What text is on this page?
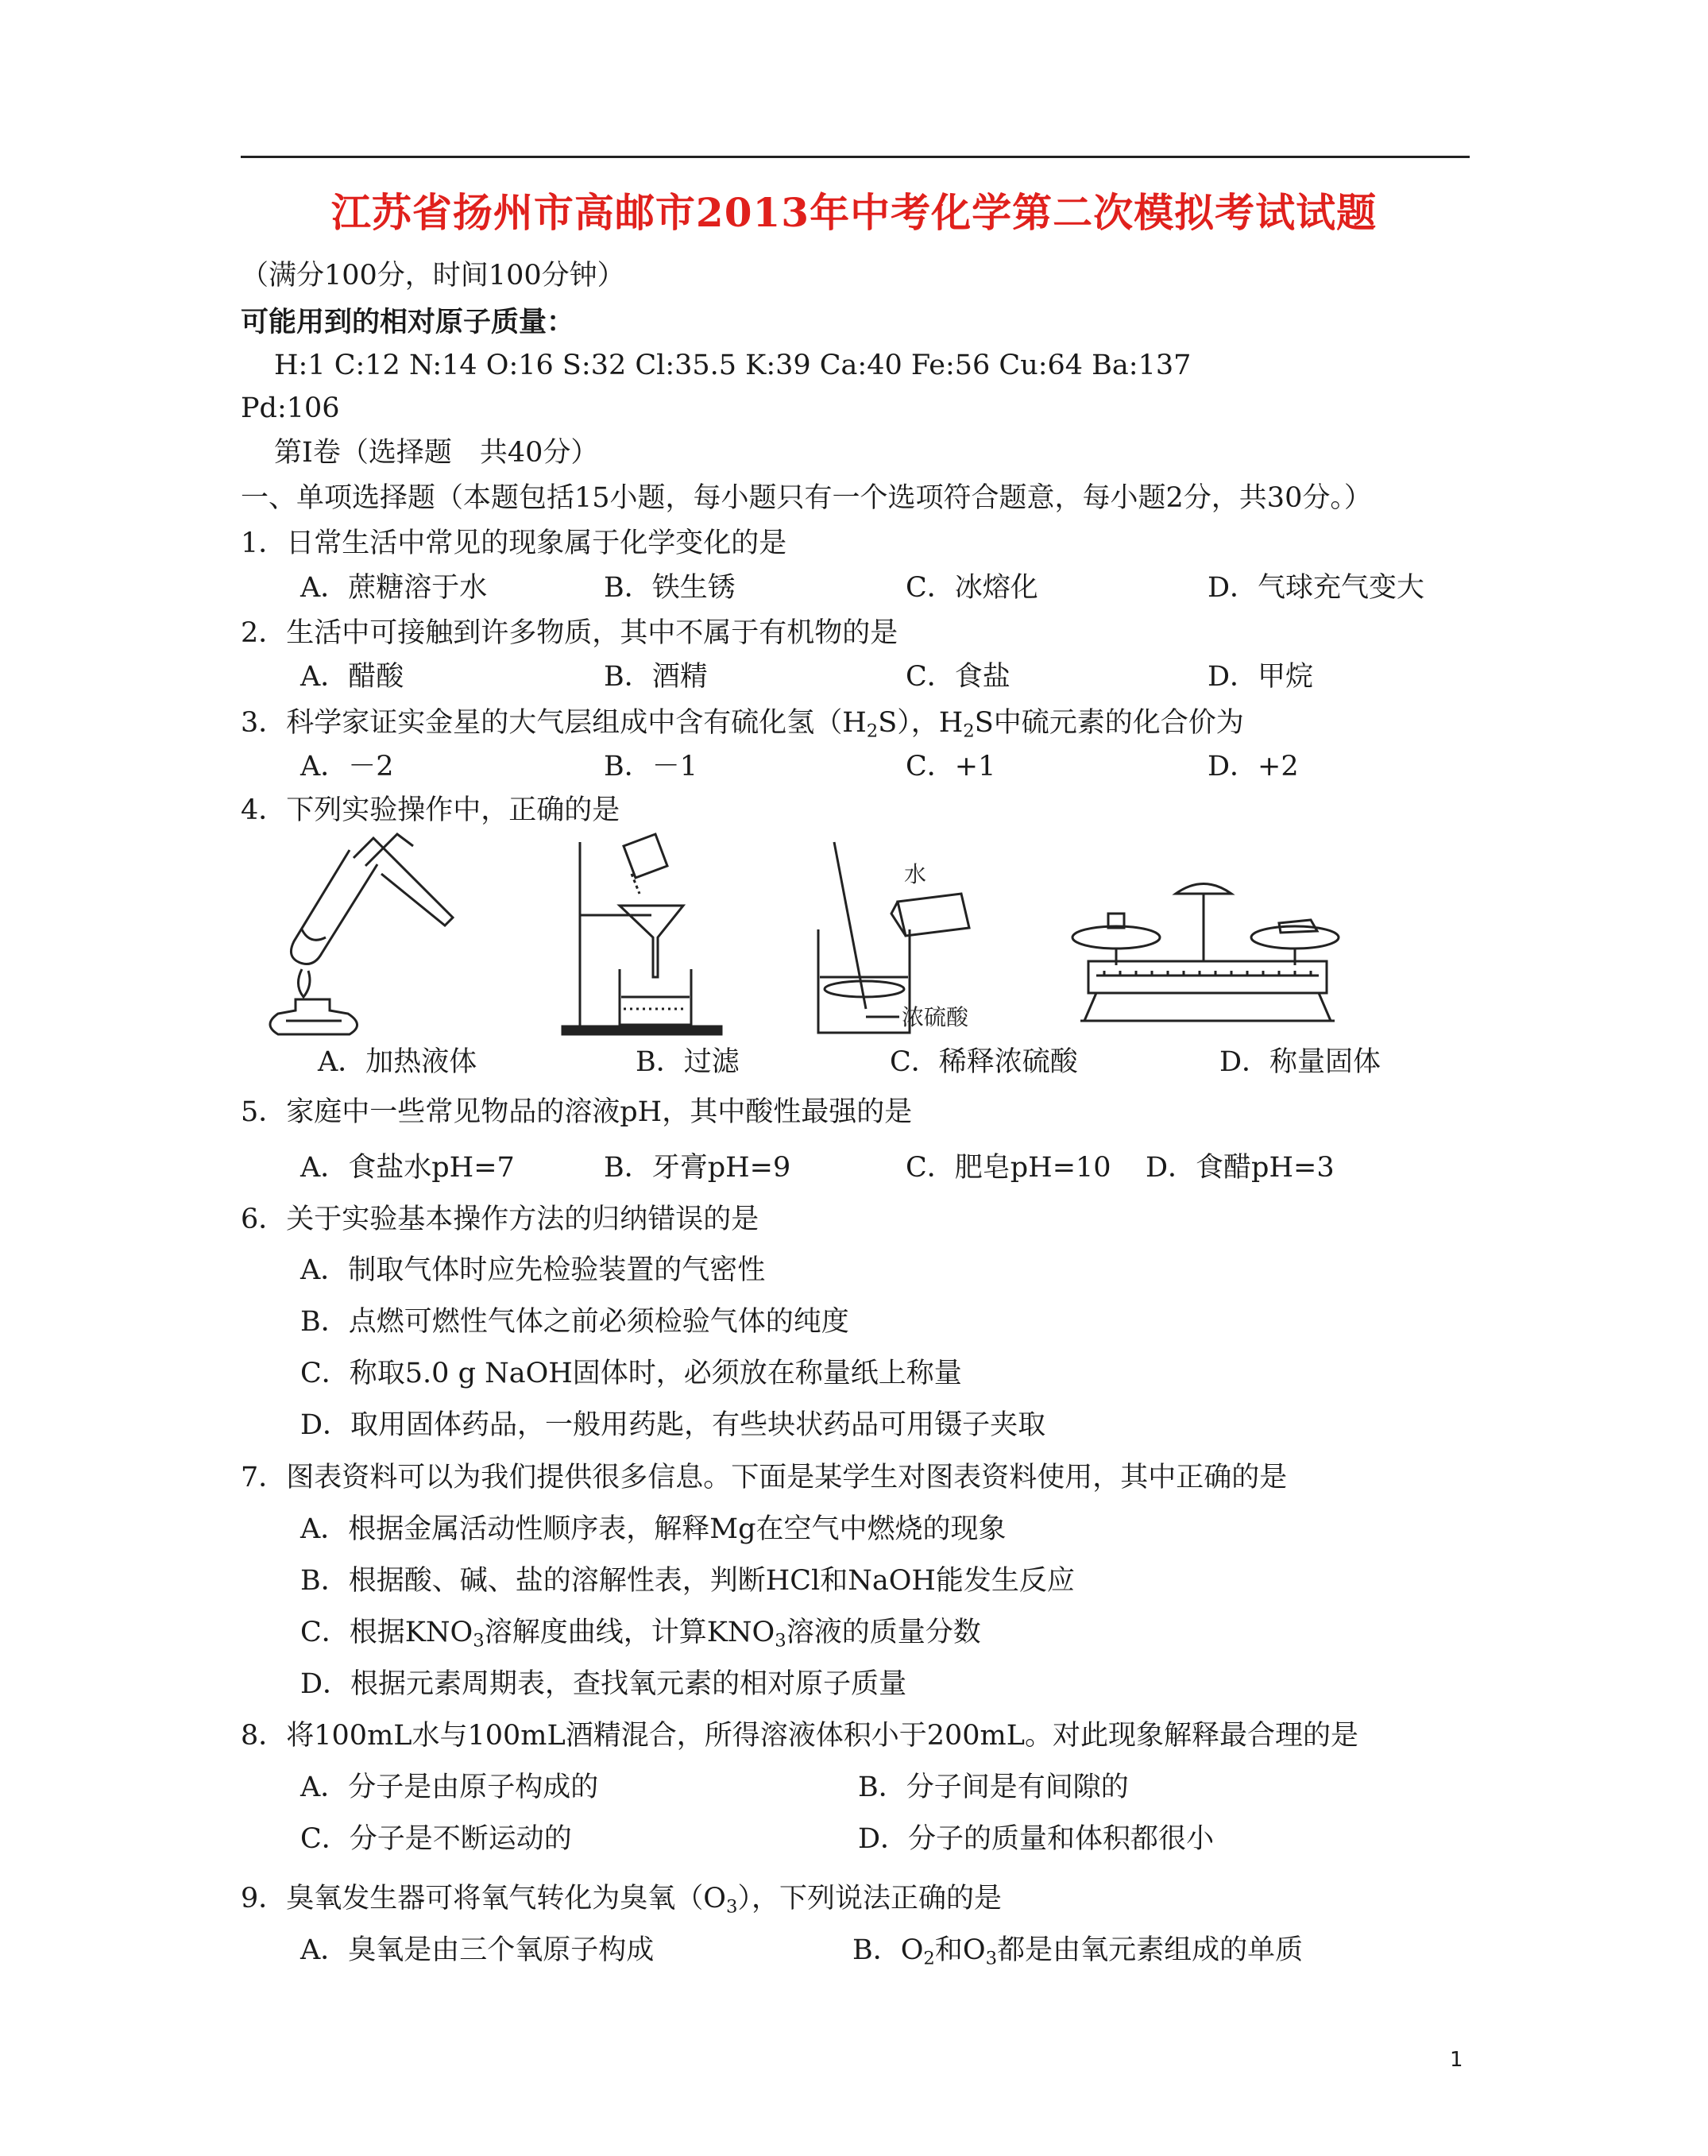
江苏省扬州市高邮市2013年中考化学第二次模拟考试试题
（满分100分，时间100分钟）
可能用到的相对原子质量：
H:1 C:12 N:14 O:16 S:32 Cl:35.5 K:39 Ca:40 Fe:56 Cu:64 Ba:137
Pd:106
第Ⅰ卷（选择题　共40分）
一、单项选择题（本题包括15小题，每小题只有一个选项符合题意，每小题2分，共30分。）
1．日常生活中常见的现象属于化学变化的是
A．蔗糖溶于水	B．铁生锈	C．冰熔化	D．气球充气变大
2．生活中可接触到许多物质，其中不属于有机物的是
A．醋酸	B．酒精	C．食盐	D．甲烷
3．科学家证实金星的大气层组成中含有硫化氢$(H_2S)$，$H_2S$中硫元素的化合价为
A．－2	B．－1	C．+1	D．+2
4．下列实验操作中，正确的是
A．加热液体	B．过滤
水
浓硫酸
C．稀释浓硫酸	D．称量固体
5．家庭中一些常见物品的溶液pH，其中酸性最强的是
A．食盐水pH=7	B．牙膏pH=9	C．肥皂pH=10 D．食醋pH=3
6．关于实验基本操作方法的归纳错误的是
A．制取气体时应先检验装置的气密性
B．点燃可燃性气体之前必须检验气体的纯度
C．称取5.0 g NaOH固体时，必须放在称量纸上称量
D．取用固体药品，一般用药匙，有些块状药品可用镊子夹取
7．图表资料可以为我们提供很多信息。下面是某学生对图表资料使用，其中正确的是
A．根据金属活动性顺序表，解释Mg在空气中燃烧的现象
B．根据酸、碱、盐的溶解性表，判断HCl和NaOH能发生反应
C．根据$KNO_3$溶解度曲线，计算$KNO_3$溶液的质量分数
D．根据元素周期表，查找氧元素的相对原子质量
8．将100mL水与100mL酒精混合，所得溶液体积小于200mL。对此现象解释最合理的是
A．分子是由原子构成的	B．分子间是有间隙的
C．分子是不断运动的	D．分子的质量和体积都很小
9．臭氧发生器可将氧气转化为臭氧$(O_3)$，下列说法正确的是
A．臭氧是由三个氧原子构成	B．$O_2$和$O_3$都是由氧元素组成的单质
1
